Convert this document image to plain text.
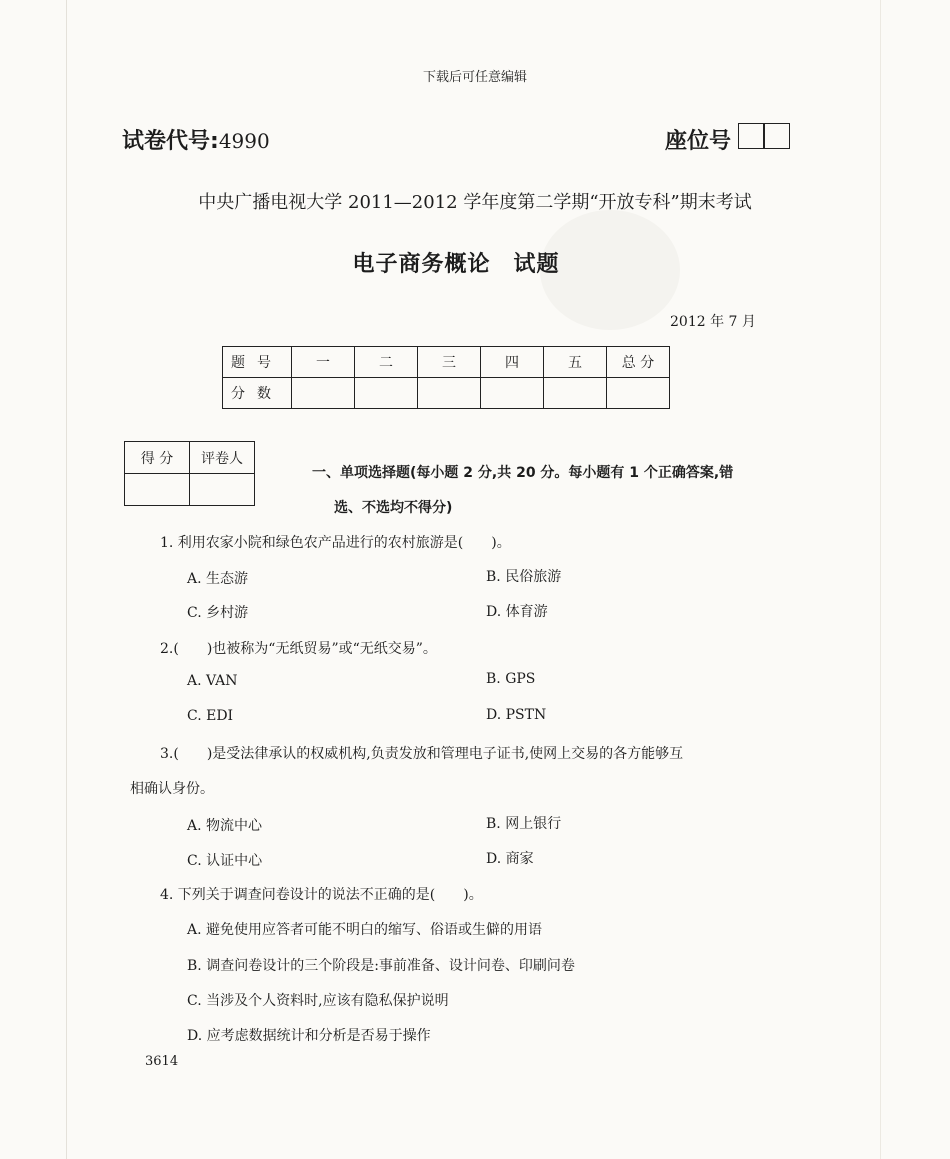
下载后可任意编辑
试卷代号:4990	座位号
中央广播电视大学 2011—2012 学年度第二学期“开放专科”期末考试
电子商务概论　试题
2012 年 7 月
题号	一	二	三	四	五	总 分
分数						
得 分	评卷人

一、单项选择题(每小题 2 分,共 20 分。每小题有 1 个正确答案,错
选、不选均不得分)
1. 利用农家小院和绿色农产品进行的农村旅游是(　　)。
A. 生态游	B. 民俗旅游
C. 乡村游	D. 体育游
2.(　　)也被称为“无纸贸易”或“无纸交易”。
A. VAN	B. GPS
C. EDI	D. PSTN
3.(　　)是受法律承认的权威机构,负责发放和管理电子证书,使网上交易的各方能够互
相确认身份。
A. 物流中心	B. 网上银行
C. 认证中心	D. 商家
4. 下列关于调查问卷设计的说法不正确的是(　　)。
A. 避免使用应答者可能不明白的缩写、俗语或生僻的用语
B. 调查问卷设计的三个阶段是:事前准备、设计问卷、印刷问卷
C. 当涉及个人资料时,应该有隐私保护说明
D. 应考虑数据统计和分析是否易于操作
3614
